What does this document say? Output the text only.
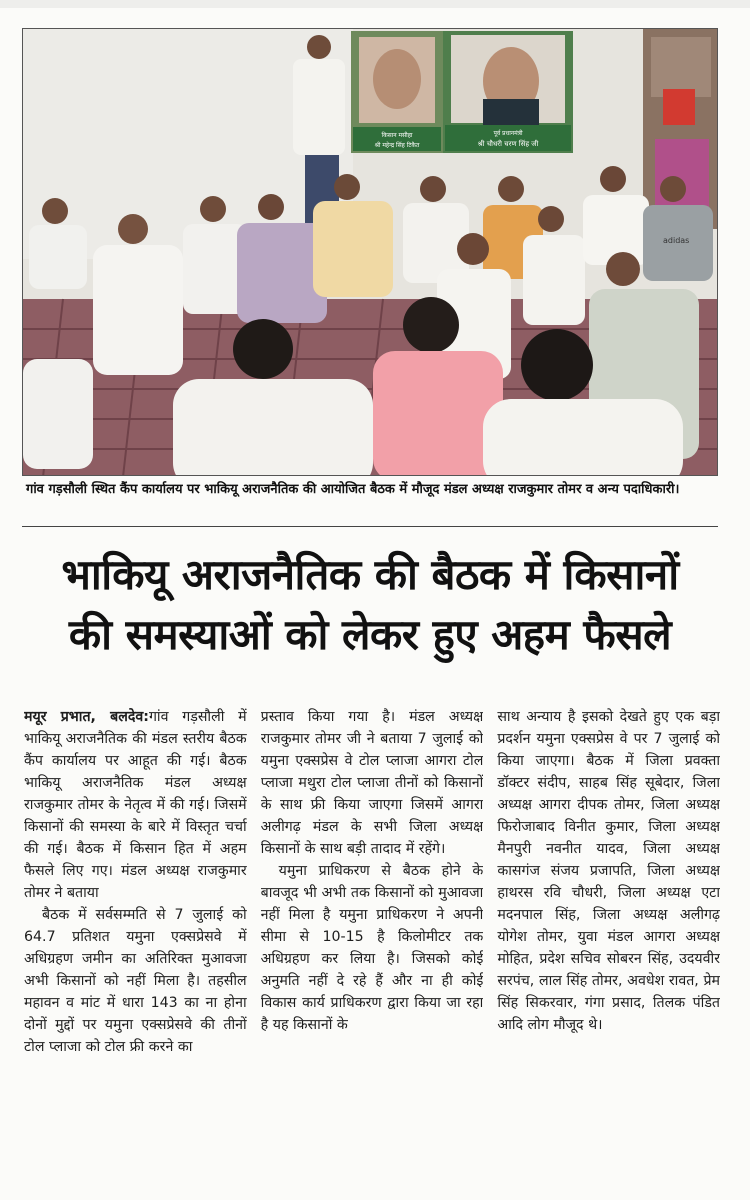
किसान मसीहा
श्री महेन्द्र सिंह टिकैत
पूर्व प्रधानमंत्री
श्री चौधरी चरण सिंह जी
adidas
गांव गड़सौली स्थित कैंप कार्यालय पर भाकियू अराजनैतिक की आयोजित बैठक में मौजूद मंडल अध्यक्ष राजकुमार तोमर व अन्य पदाधिकारी।
भाकियू अराजनैतिक की बैठक में किसानों
की समस्याओं को लेकर हुए अहम फैसले

मयूर प्रभात, बलदेव:गांव गड़सौली में भाकियू अराजनैतिक की मंडल स्तरीय बैठक कैंप कार्यालय पर आहूत की गई। बैठक भाकियू अराजनैतिक मंडल अध्यक्ष राजकुमार तोमर के नेतृत्व में की गई। जिसमें किसानों की समस्या के बारे में विस्तृत चर्चा की गई। बैठक में किसान हित में अहम फैसले लिए गए। मंडल अध्यक्ष राजकुमार तोमर ने बताया

बैठक में सर्वसम्मति से 7 जुलाई को 64.7 प्रतिशत यमुना एक्सप्रेसवे में अधिग्रहण जमीन का अतिरिक्त मुआवजा अभी किसानों को नहीं मिला है। तहसील महावन व मांट में धारा 143 का ना होना दोनों मुद्दों पर यमुना एक्सप्रेसवे की तीनों टोल प्लाजा को टोल फ्री करने का

प्रस्ताव किया गया है। मंडल अध्यक्ष राजकुमार तोमर जी ने बताया 7 जुलाई को यमुना एक्सप्रेस वे टोल प्लाजा आगरा टोल प्लाजा मथुरा टोल प्लाजा तीनों को किसानों के साथ फ्री किया जाएगा जिसमें आगरा अलीगढ़ मंडल के सभी जिला अध्यक्ष किसानों के साथ बड़ी तादाद में रहेंगे।

यमुना प्राधिकरण से बैठक होने के बावजूद भी अभी तक किसानों को मुआवजा नहीं मिला है यमुना प्राधिकरण ने अपनी सीमा से 10-15 है किलोमीटर तक अधिग्रहण कर लिया है। जिसको कोई अनुमति नहीं दे रहे हैं और ना ही कोई विकास कार्य प्राधिकरण द्वारा किया जा रहा है यह किसानों के

साथ अन्याय है इसको देखते हुए एक बड़ा प्रदर्शन यमुना एक्सप्रेस वे पर 7 जुलाई को किया जाएगा। बैठक में जिला प्रवक्ता डॉक्टर संदीप, साहब सिंह सूबेदार, जिला अध्यक्ष आगरा दीपक तोमर, जिला अध्यक्ष फिरोजाबाद विनीत कुमार, जिला अध्यक्ष मैनपुरी नवनीत यादव, जिला अध्यक्ष कासगंज संजय प्रजापति, जिला अध्यक्ष हाथरस रवि चौधरी, जिला अध्यक्ष एटा मदनपाल सिंह, जिला अध्यक्ष अलीगढ़ योगेश तोमर, युवा मंडल आगरा अध्यक्ष मोहित, प्रदेश सचिव सोबरन सिंह, उदयवीर सरपंच, लाल सिंह तोमर, अवधेश रावत, प्रेम सिंह सिकरवार, गंगा प्रसाद, तिलक पंडित आदि लोग मौजूद थे।
